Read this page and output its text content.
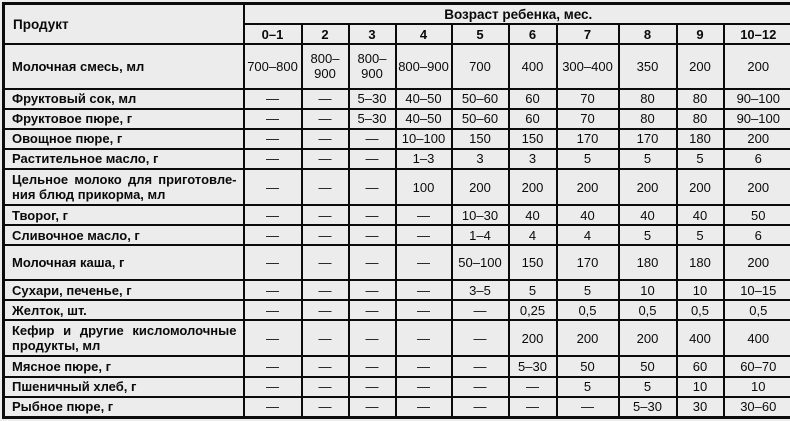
Продукт	Возраст ребенка, мес.									
	0–1	2	3	4	5	6	7	8	9	10–12
Молочная смесь, мл	700–800	800–900	800–900	800–900	700	400	300–400	350	200	200
Фруктовый сок, мл	—	—	5–30	40–50	50–60	60	70	80	80	90–100
Фруктовое пюре, г	—	—	5–30	40–50	50–60	60	70	80	80	90–100
Овощное пюре, г	—	—	—	10–100	150	150	170	170	180	200
Растительное масло, г	—	—	—	1–3	3	3	5	5	5	6
Цельное молоко для приготовле-ния блюд прикорма, мл	—	—	—	100	200	200	200	200	200	200
Творог, г	—	—	—	—	10–30	40	40	40	40	50
Сливочное масло, г	—	—	—	—	1–4	4	4	5	5	6
Молочная каша, г	—	—	—	—	50–100	150	170	180	180	200
Сухари, печенье, г	—	—	—	—	3–5	5	5	10	10	10–15
Желток, шт.	—	—	—	—	—	0,25	0,5	0,5	0,5	0,5
Кефир и другие кисломолочные продукты, мл	—	—	—	—	—	200	200	200	400	400
Мясное пюре, г	—	—	—	—	—	5–30	50	50	60	60–70
Пшеничный хлеб, г	—	—	—	—	—	—	5	5	10	10
Рыбное пюре, г	—	—	—	—	—	—	—	5–30	30	30–60
